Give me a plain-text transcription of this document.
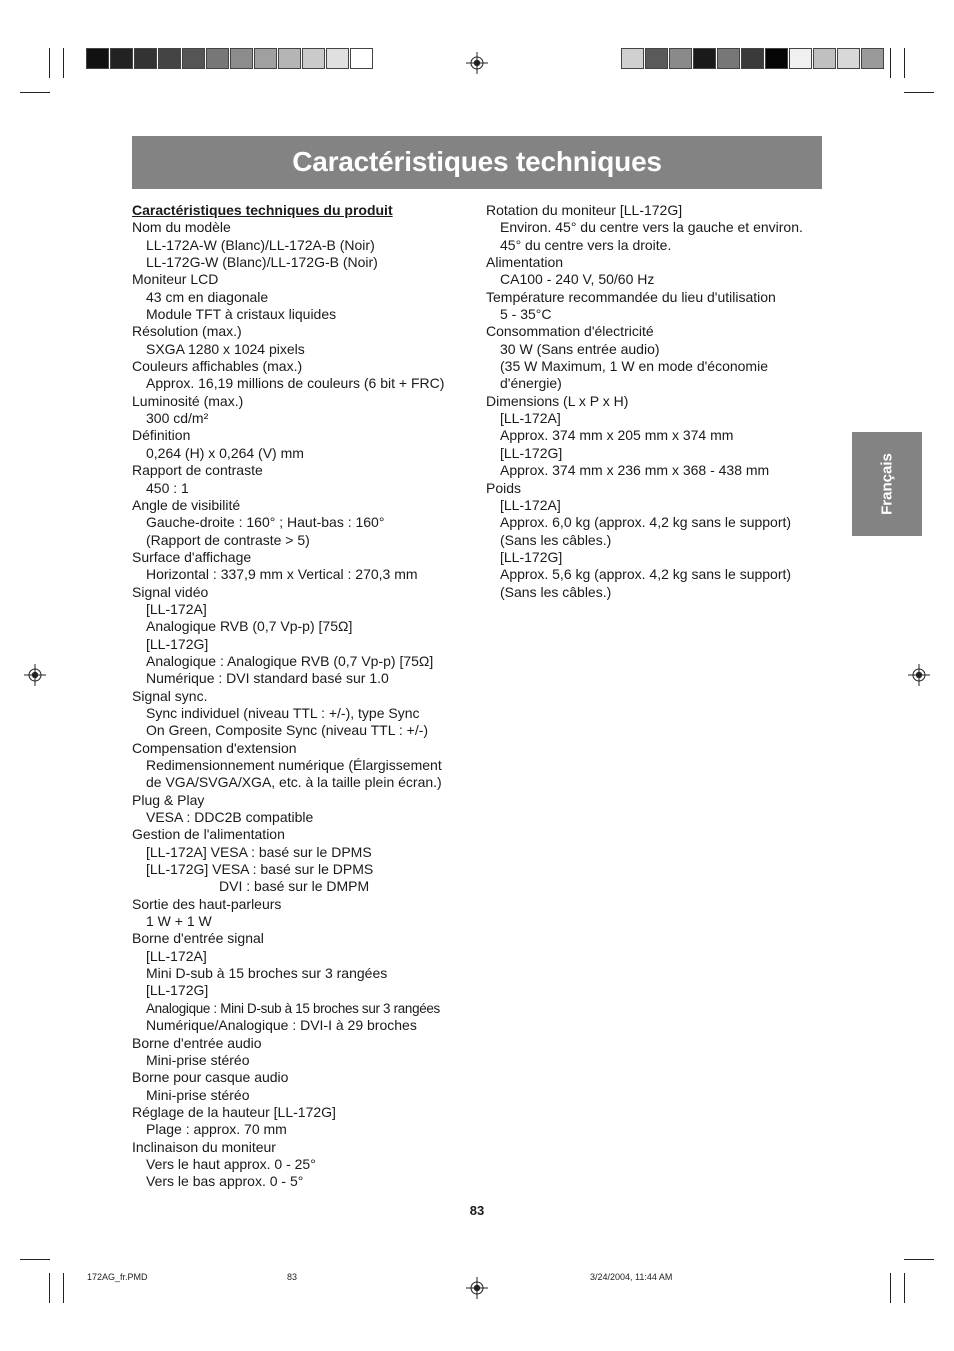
Caractéristiques techniques
Caractéristiques techniques du produit
Nom du modèle
LL-172A-W (Blanc)/LL-172A-B (Noir)
LL-172G-W (Blanc)/LL-172G-B (Noir)
Moniteur LCD
43 cm en diagonale
Module TFT à cristaux liquides
Résolution (max.)
SXGA 1280 x 1024 pixels
Couleurs affichables (max.)
Approx. 16,19 millions de couleurs (6 bit + FRC)
Luminosité (max.)
300 cd/m²
Définition
0,264 (H) x 0,264 (V) mm
Rapport de contraste
450 : 1
Angle de visibilité
Gauche-droite : 160° ; Haut-bas : 160°
(Rapport de contraste > 5)
Surface d'affichage
Horizontal : 337,9 mm x Vertical : 270,3 mm
Signal vidéo
[LL-172A]
Analogique RVB (0,7 Vp-p) [75Ω]
[LL-172G]
Analogique : Analogique RVB (0,7 Vp-p) [75Ω]
Numérique : DVI standard basé sur 1.0
Signal sync.
Sync individuel (niveau TTL : +/-), type Sync
On Green, Composite Sync (niveau TTL : +/-)
Compensation d'extension
Redimensionnement numérique (Élargissement
de VGA/SVGA/XGA, etc. à la taille plein écran.)
Plug & Play
VESA : DDC2B compatible
Gestion de l'alimentation
[LL-172A] VESA : basé sur le DPMS
[LL-172G] VESA : basé sur le DPMS
DVI : basé sur le DMPM
Sortie des haut-parleurs
1 W + 1 W
Borne d'entrée signal
[LL-172A]
Mini D-sub à 15 broches sur 3 rangées
[LL-172G]
Analogique : Mini D-sub à 15 broches sur 3 rangées
Numérique/Analogique : DVI-I à 29 broches
Borne d'entrée audio
Mini-prise stéréo
Borne pour casque audio
Mini-prise stéréo
Réglage de la hauteur [LL-172G]
Plage : approx. 70 mm
Inclinaison du moniteur
Vers le haut approx. 0 - 25°
Vers le bas approx. 0 - 5°
Rotation du moniteur [LL-172G]
Environ. 45° du centre vers la gauche et environ.
45° du centre vers la droite.
Alimentation
CA100 - 240 V, 50/60 Hz
Température recommandée du lieu d'utilisation
5 - 35°C
Consommation d'électricité
30 W (Sans entrée audio)
(35 W Maximum, 1 W en mode d'économie
d'énergie)
Dimensions (L x P x H)
[LL-172A]
Approx. 374 mm x 205 mm x 374 mm
[LL-172G]
Approx. 374 mm x 236 mm x 368 - 438 mm
Poids
[LL-172A]
Approx. 6,0 kg (approx. 4,2 kg sans le support)
(Sans les câbles.)
[LL-172G]
Approx. 5,6 kg (approx. 4,2 kg sans le support)
(Sans les câbles.)
Français
83
172AG_fr.PMD	83	3/24/2004, 11:44 AM
